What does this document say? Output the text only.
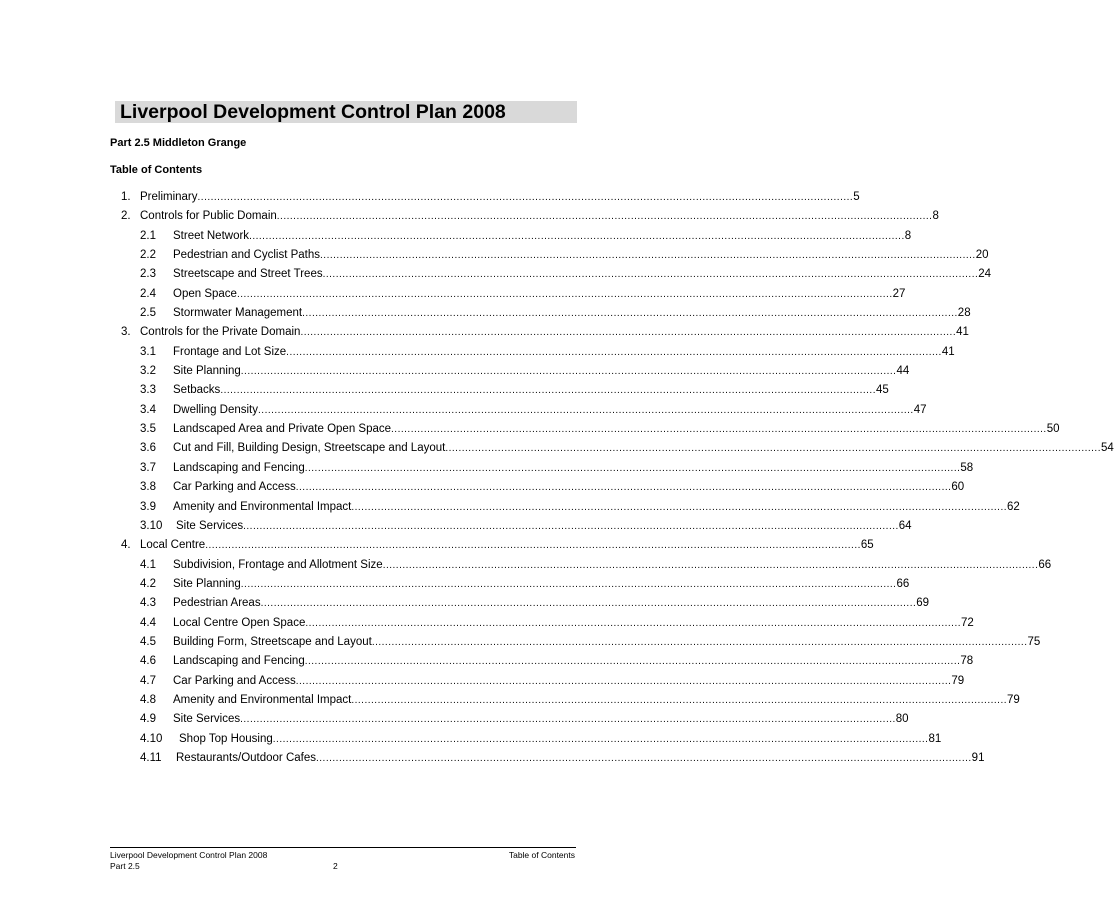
Liverpool Development Control Plan 2008
Part 2.5 Middleton Grange
Table of Contents
1. Preliminary ........................................................................................................................................................................................................ 5
2. Controls for Public Domain ........................................................................................................................................................................................................ 8
2.1 Street Network ........................................................................................................................................................................................................ 8
2.2 Pedestrian and Cyclist Paths ........................................................................................................................................................................................................ 20
2.3 Streetscape and Street Trees ........................................................................................................................................................................................................ 24
2.4 Open Space ........................................................................................................................................................................................................ 27
2.5 Stormwater Management ........................................................................................................................................................................................................ 28
3. Controls for the Private Domain ........................................................................................................................................................................................................ 41
3.1 Frontage and Lot Size ........................................................................................................................................................................................................ 41
3.2 Site Planning ........................................................................................................................................................................................................ 44
3.3 Setbacks ........................................................................................................................................................................................................ 45
3.4 Dwelling Density ........................................................................................................................................................................................................ 47
3.5 Landscaped Area and Private Open Space ........................................................................................................................................................................................................ 50
3.6 Cut and Fill, Building Design, Streetscape and Layout ........................................................................................................................................................................................................ 54
3.7 Landscaping and Fencing ........................................................................................................................................................................................................ 58
3.8 Car Parking and Access ........................................................................................................................................................................................................ 60
3.9 Amenity and Environmental Impact ........................................................................................................................................................................................................ 62
3.10 Site Services ........................................................................................................................................................................................................ 64
4. Local Centre ........................................................................................................................................................................................................ 65
4.1 Subdivision, Frontage and Allotment Size ........................................................................................................................................................................................................ 66
4.2 Site Planning ........................................................................................................................................................................................................ 66
4.3 Pedestrian Areas ........................................................................................................................................................................................................ 69
4.4 Local Centre Open Space ........................................................................................................................................................................................................ 72
4.5 Building Form, Streetscape and Layout ........................................................................................................................................................................................................ 75
4.6 Landscaping and Fencing ........................................................................................................................................................................................................ 78
4.7 Car Parking and Access ........................................................................................................................................................................................................ 79
4.8 Amenity and Environmental Impact ........................................................................................................................................................................................................ 79
4.9 Site Services ........................................................................................................................................................................................................ 80
4.10 Shop Top Housing ........................................................................................................................................................................................................ 81
4.11 Restaurants/Outdoor Cafes ........................................................................................................................................................................................................ 91
Liverpool Development Control Plan 2008
Part 2.5	2
Table of Contents
